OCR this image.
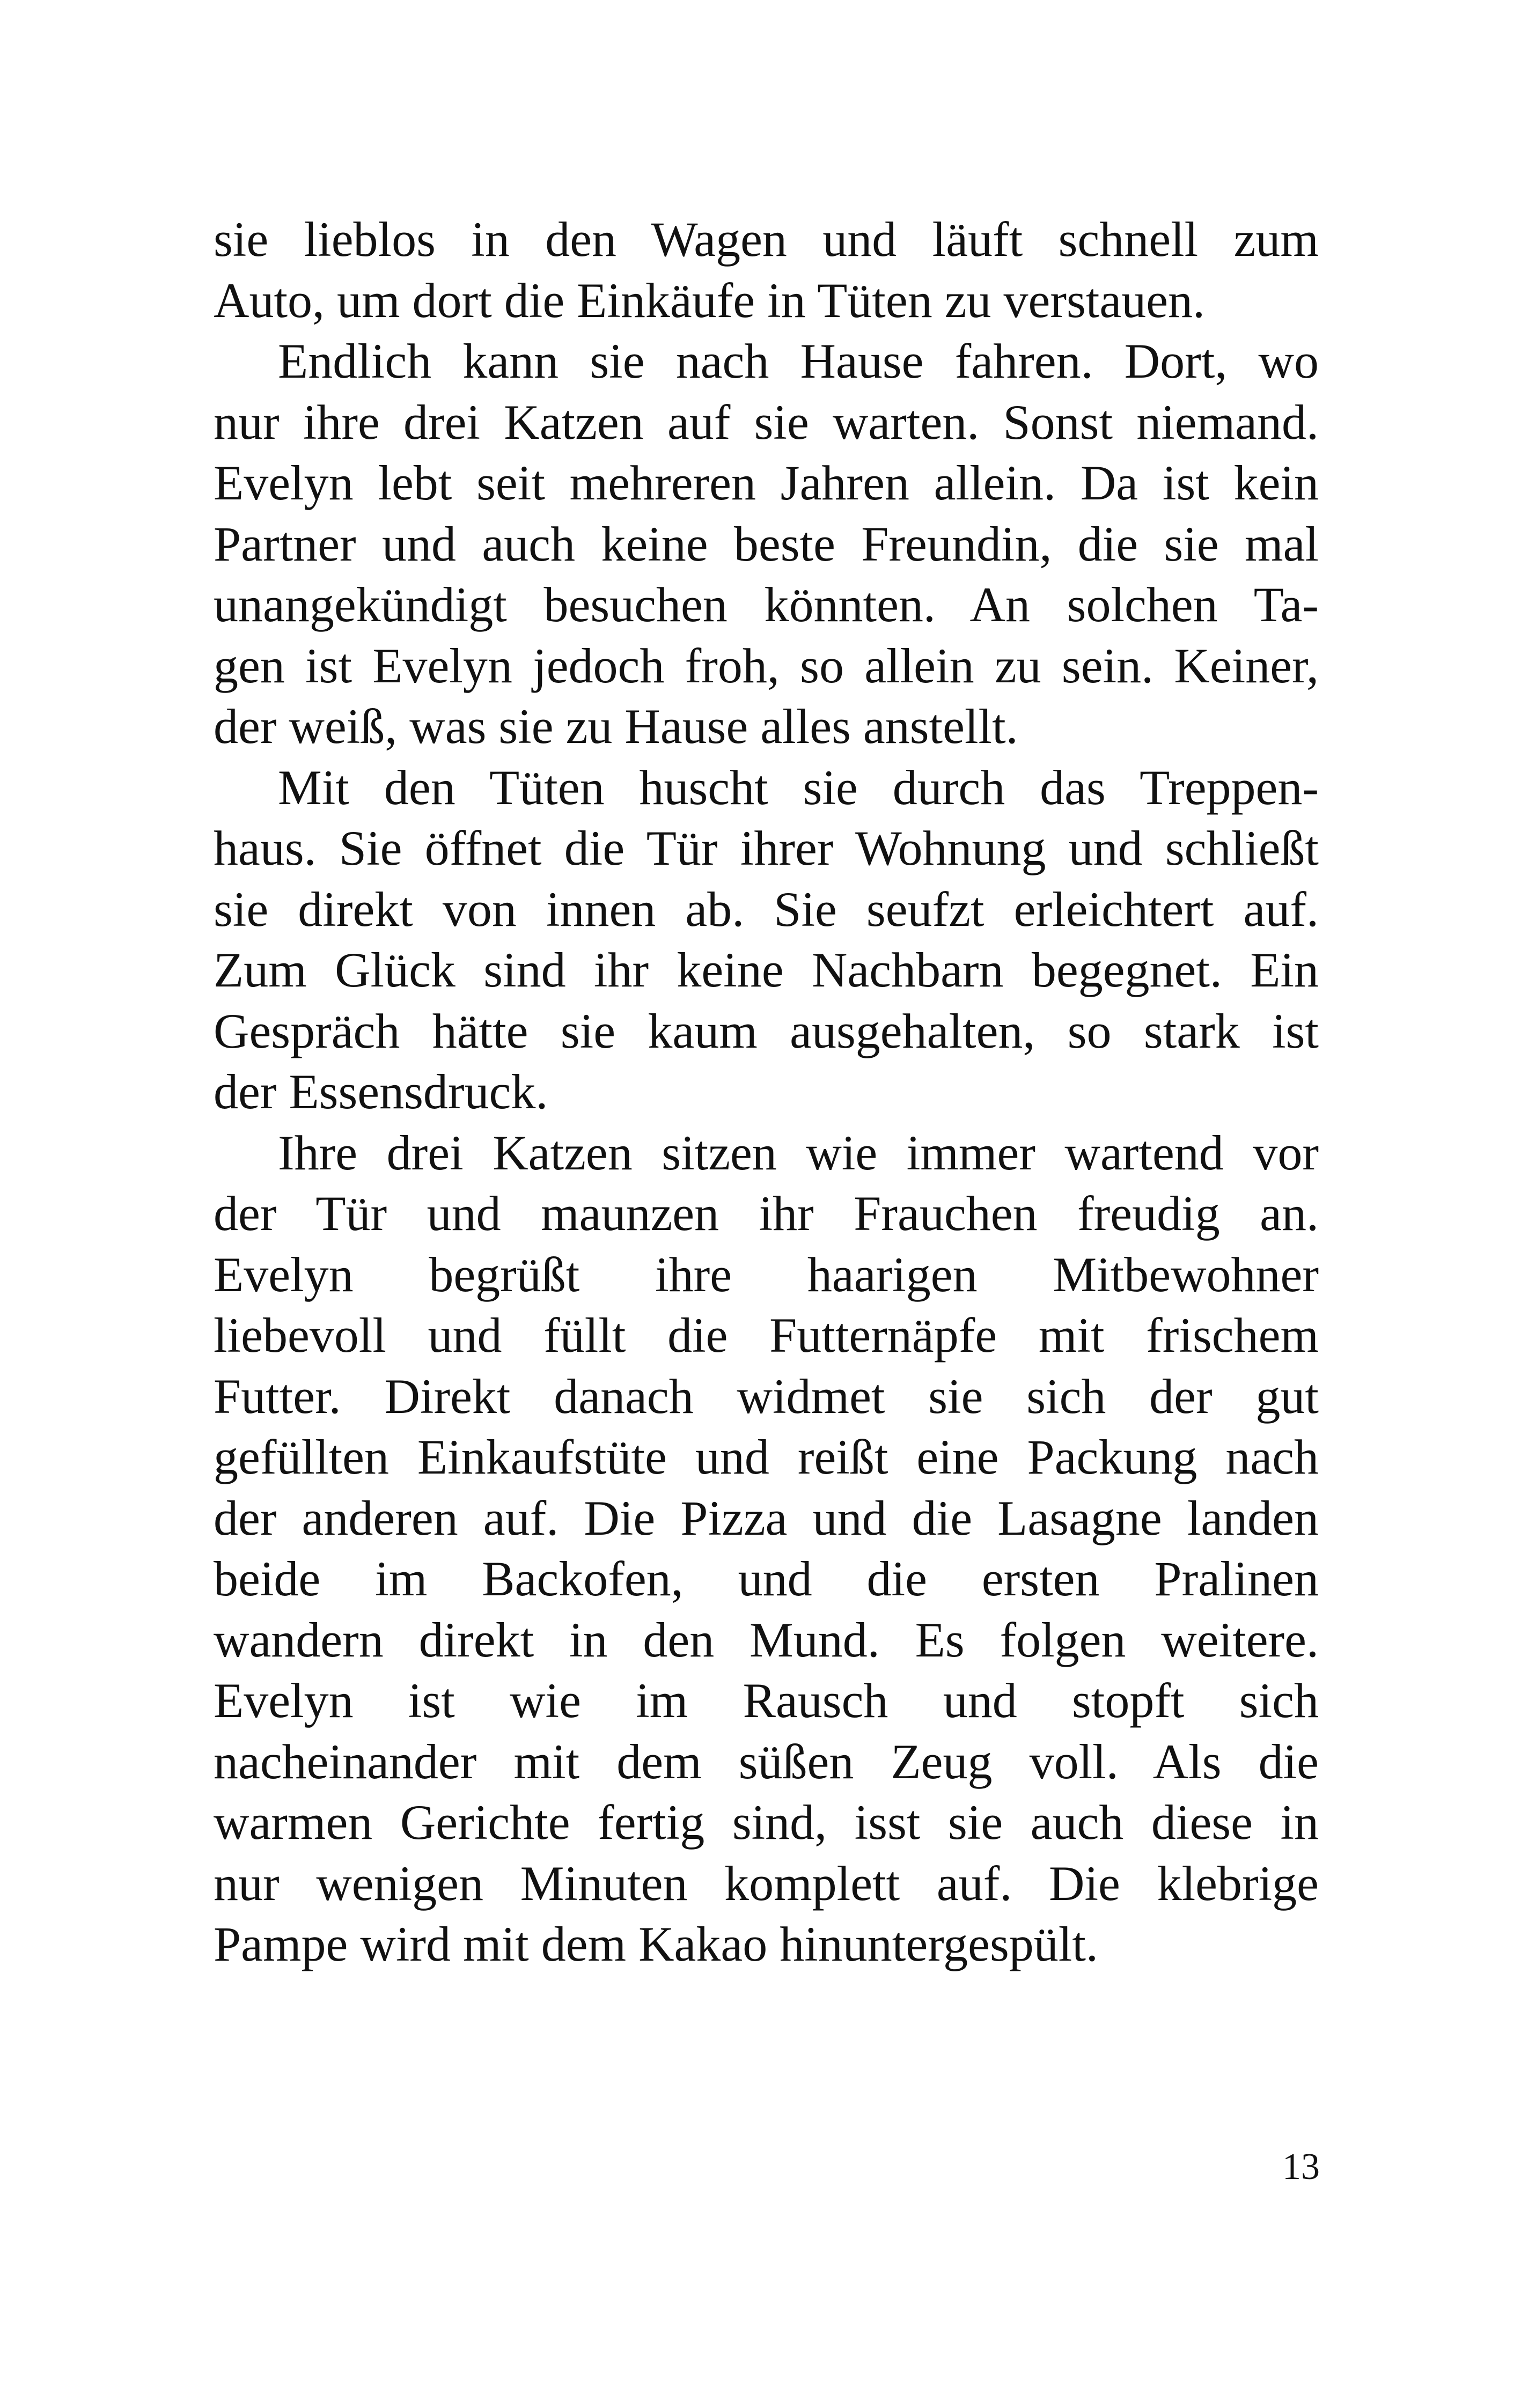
sie lieblos in den Wagen und läuft schnell zum
Auto, um dort die Einkäufe in Tüten zu verstauen.
Endlich kann sie nach Hause fahren. Dort, wo
nur ihre drei Katzen auf sie warten. Sonst niemand.
Evelyn lebt seit mehreren Jahren allein. Da ist kein
Partner und auch keine beste Freundin, die sie mal
unangekündigt besuchen könnten. An solchen Ta-
gen ist Evelyn jedoch froh, so allein zu sein. Keiner,
der weiß, was sie zu Hause alles anstellt.
Mit den Tüten huscht sie durch das Treppen-
haus. Sie öffnet die Tür ihrer Wohnung und schließt
sie direkt von innen ab. Sie seufzt erleichtert auf.
Zum Glück sind ihr keine Nachbarn begegnet. Ein
Gespräch hätte sie kaum ausgehalten, so stark ist
der Essensdruck.
Ihre drei Katzen sitzen wie immer wartend vor
der Tür und maunzen ihr Frauchen freudig an.
Evelyn begrüßt ihre haarigen Mitbewohner
liebevoll und füllt die Futternäpfe mit frischem
Futter. Direkt danach widmet sie sich der gut
gefüllten Einkaufstüte und reißt eine Packung nach
der anderen auf. Die Pizza und die Lasagne landen
beide im Backofen, und die ersten Pralinen
wandern direkt in den Mund. Es folgen weitere.
Evelyn ist wie im Rausch und stopft sich
nacheinander mit dem süßen Zeug voll. Als die
warmen Gerichte fertig sind, isst sie auch diese in
nur wenigen Minuten komplett auf. Die klebrige
Pampe wird mit dem Kakao hinuntergespült.
13
